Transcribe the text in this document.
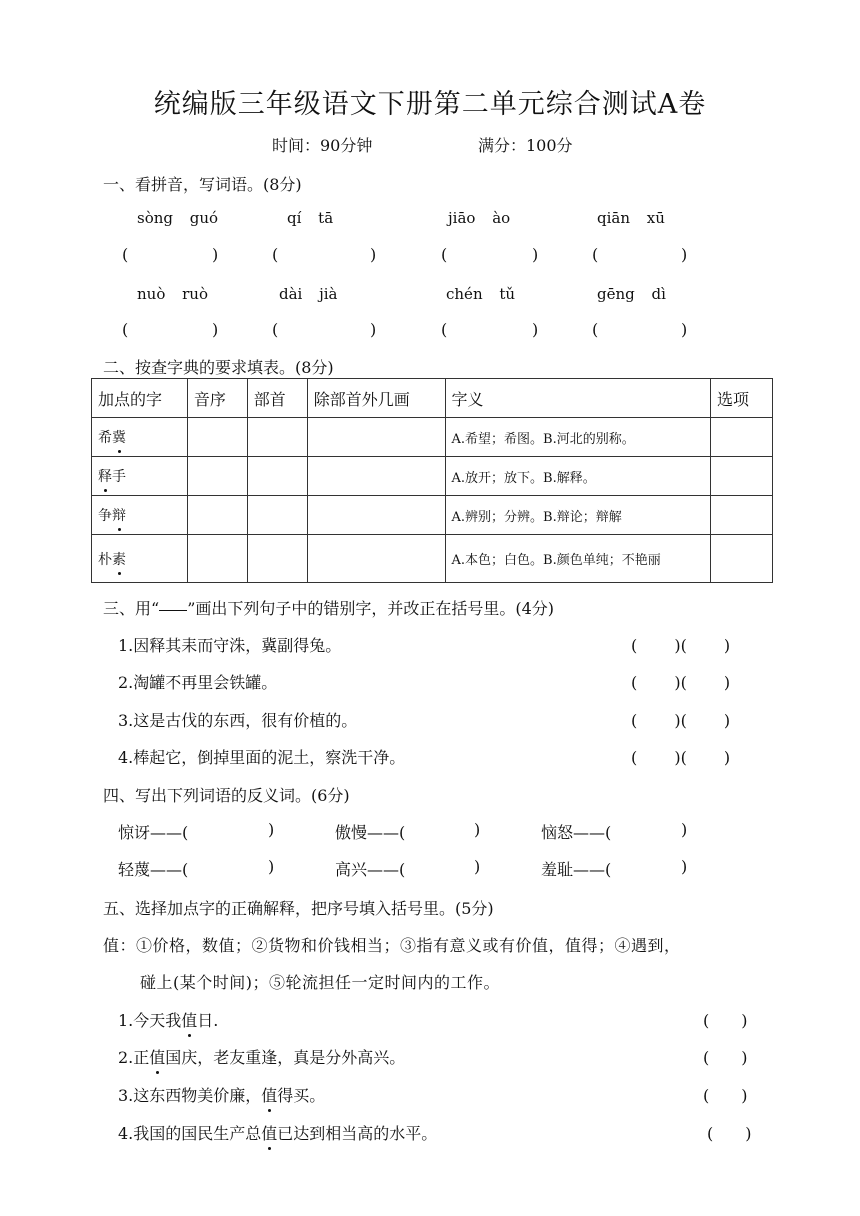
统编版三年级语文下册第二单元综合测试A卷
时间：90分钟	满分：100分
一、看拼音，写词语。(8分)
sòng guó	qí tā	jiāo ào	qiān xū
(	)	(	)	(	)	(	)
nuò ruò	dài jià	chén tǔ	gēng dì
(	)	(	)	(	)	(	)
二、按查字典的要求填表。(8分)
加点的字	音序	部首	除部首外几画	字义	选项
希冀				A.希望；希图。B.河北的别称。	
释手				A.放开；放下。B.解释。	
争辩				A.辨别；分辨。B.辩论；辩解	
朴素				A.本色；白色。B.颜色单纯；不艳丽	
三、用“ ”画出下列句子中的错别字，并改正在括号里。(4分)
1.因释其耒而守洙，冀副得兔。	(　　 )(　　 )
2.淘罐不再里会铁罐。	(　　 )(　　 )
3.这是古伐的东西，很有价植的。	(　　 )(　　 )
4.棒起它，倒掉里面的泥土，察洗干净。	(　　 )(　　 )
四、写出下列词语的反义词。(6分)
惊讶——(	)	傲慢——(	)	恼怒——(	)
轻蔑——(	)	高兴——(	)	羞耻——(	)
五、选择加点字的正确解释，把序号填入括号里。(5分)
值：①价格，数值；②货物和价钱相当；③指有意义或有价值，值得；④遇到，
碰上(某个时间)；⑤轮流担任一定时间内的工作。
1.今天我值日.	(　　)
2.正值国庆，老友重逢，真是分外高兴。	(　　)
3.这东西物美价廉，值得买。	(　　)
4.我国的国民生产总值已达到相当高的水平。	(　　)
